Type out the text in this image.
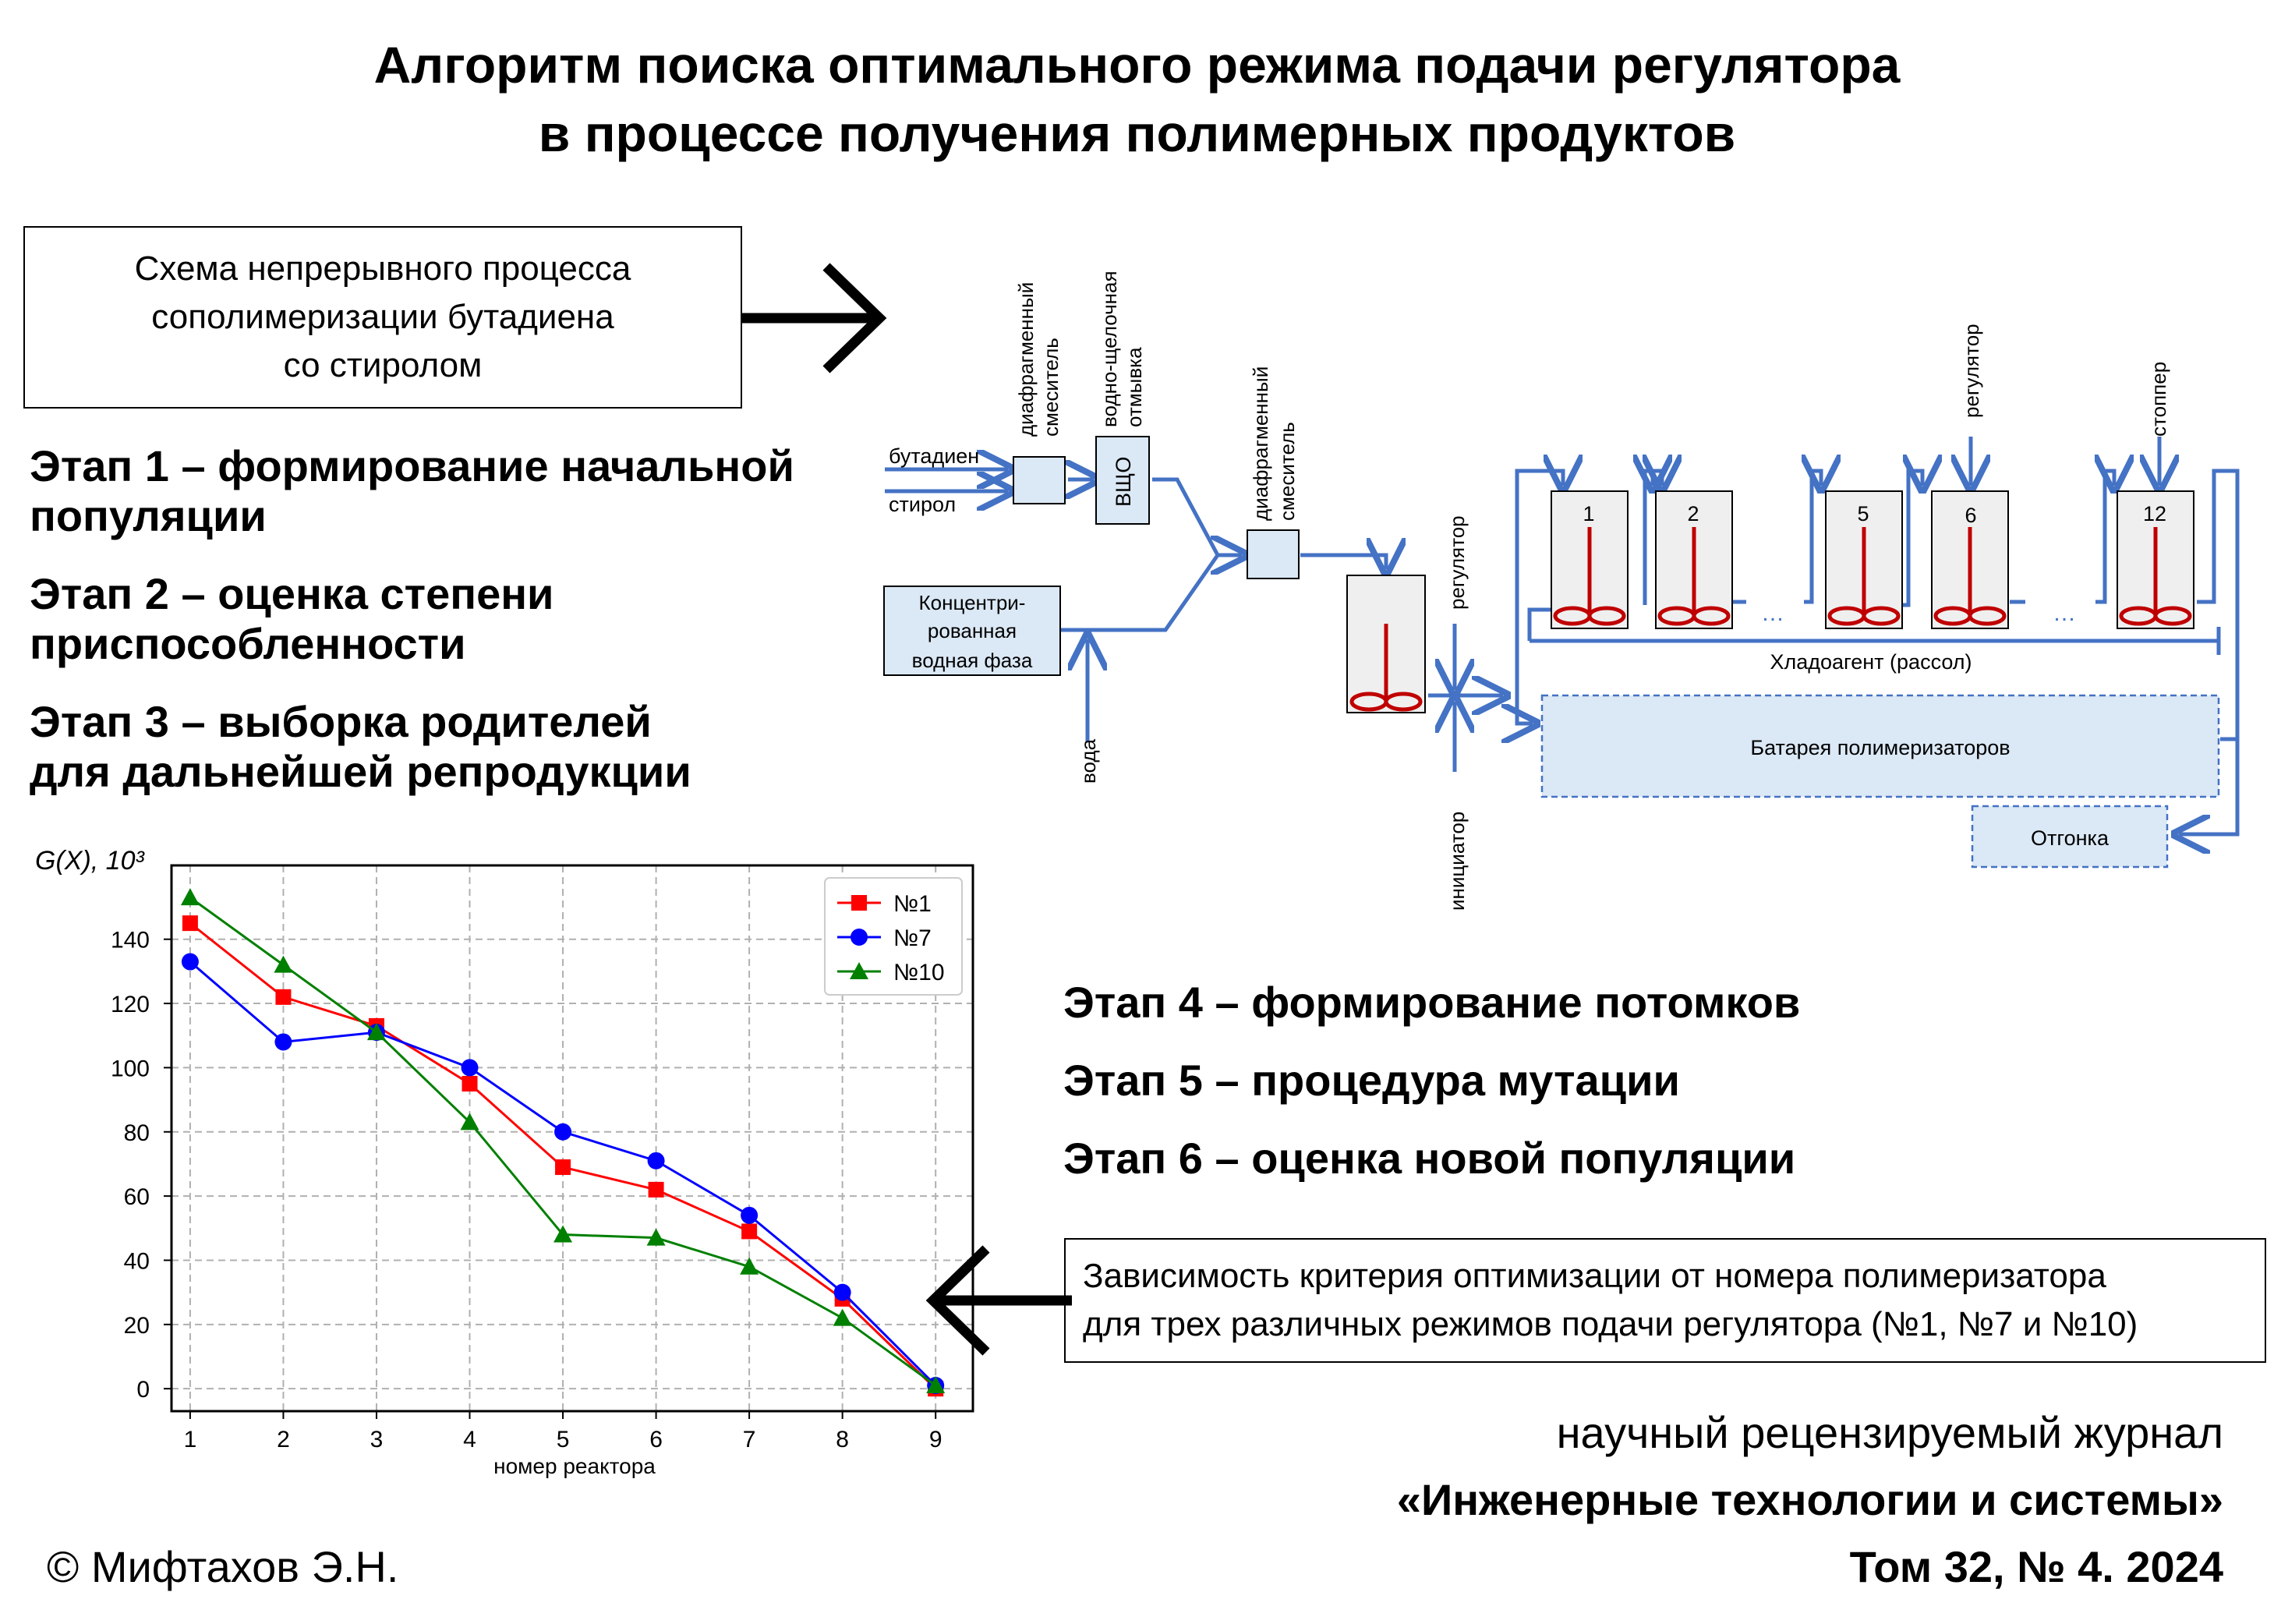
Алгоритм поиска оптимального режима подачи регулятора
в процессе получения полимерных продуктов
Схема непрерывного процесса
сополимеризации бутадиена
со стиролом
Этап 1 – формирование начальной
популяции
Этап 2 – оценка степени
приспособленности
Этап 3 – выборка родителей
для дальнейшей репродукции
Этап 4 – формирование потомков
Этап 5 – процедура мутации
Этап 6 – оценка новой популяции
бутадиен
стирол
диафрагменный смеситель водно-щелочная отмывка
ВЩО
Концентри-
рованная
водная фаза
вода
диафрагменный смеситель
регулятор
инициатор
регулятор	стоппер
1	2	5	6	12
…	…
Хладоагент (рассол)
Батарея полимеризаторов
Отгонка
1	2	3	4	5	6	7	8	9
0
20
40
60
80
100
120
140
№1
№7
№10
G(X), 10³
номер реактора
Зависимость критерия оптимизации от номера полимеризатора
для трех различных режимов подачи регулятора (№1, №7 и №10)
научный рецензируемый журнал
«Инженерные технологии и системы»
Том 32, № 4. 2024
© Мифтахов Э.Н.
